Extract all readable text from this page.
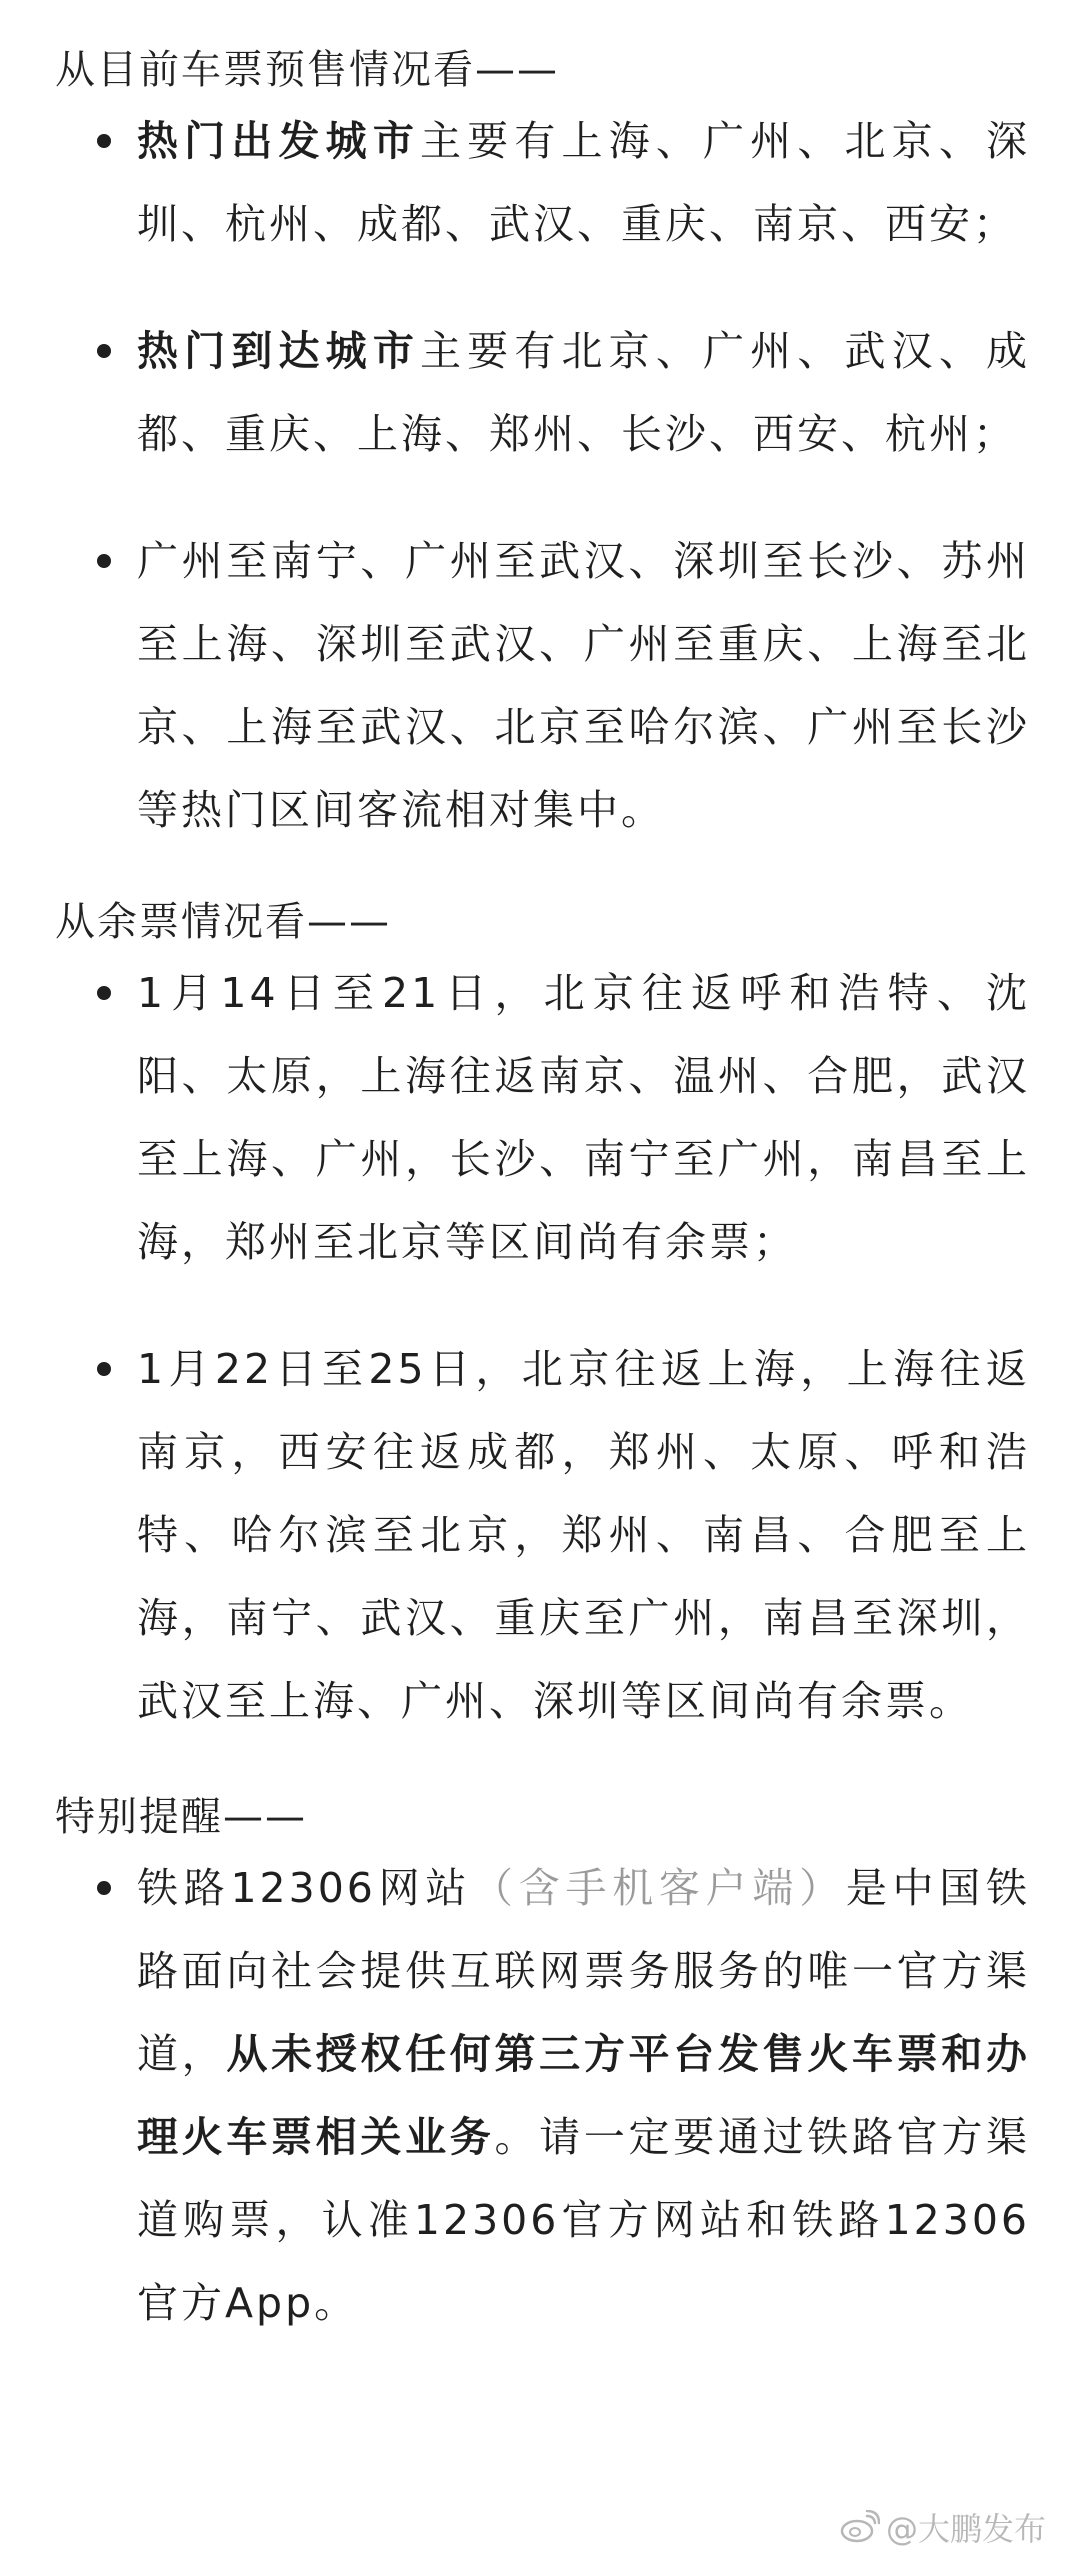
从目前车票预售情况看——

热门出发城市主要有上海、广州、北京、深圳、杭州、成都、武汉、重庆、南京、西安；
热门到达城市主要有北京、广州、武汉、成都、重庆、上海、郑州、长沙、西安、杭州；
广州至南宁、广州至武汉、深圳至长沙、苏州至上海、深圳至武汉、广州至重庆、上海至北京、上海至武汉、北京至哈尔滨、广州至长沙等热门区间客流相对集中。

从余票情况看——

1月14日至21日，北京往返呼和浩特、沈阳、太原，上海往返南京、温州、合肥，武汉至上海、广州，长沙、南宁至广州，南昌至上海，郑州至北京等区间尚有余票；
1月22日至25日，北京往返上海，上海往返南京，西安往返成都，郑州、太原、呼和浩特、哈尔滨至北京，郑州、南昌、合肥至上海，南宁、武汉、重庆至广州，南昌至深圳，武汉至上海、广州、深圳等区间尚有余票。

特别提醒——

铁路12306网站（含手机客户端）是中国铁路面向社会提供互联网票务服务的唯一官方渠道，从未授权任何第三方平台发售火车票和办理火车票相关业务。请一定要通过铁路官方渠道购票，认准12306官方网站和铁路12306官方App。
@大鹏发布
